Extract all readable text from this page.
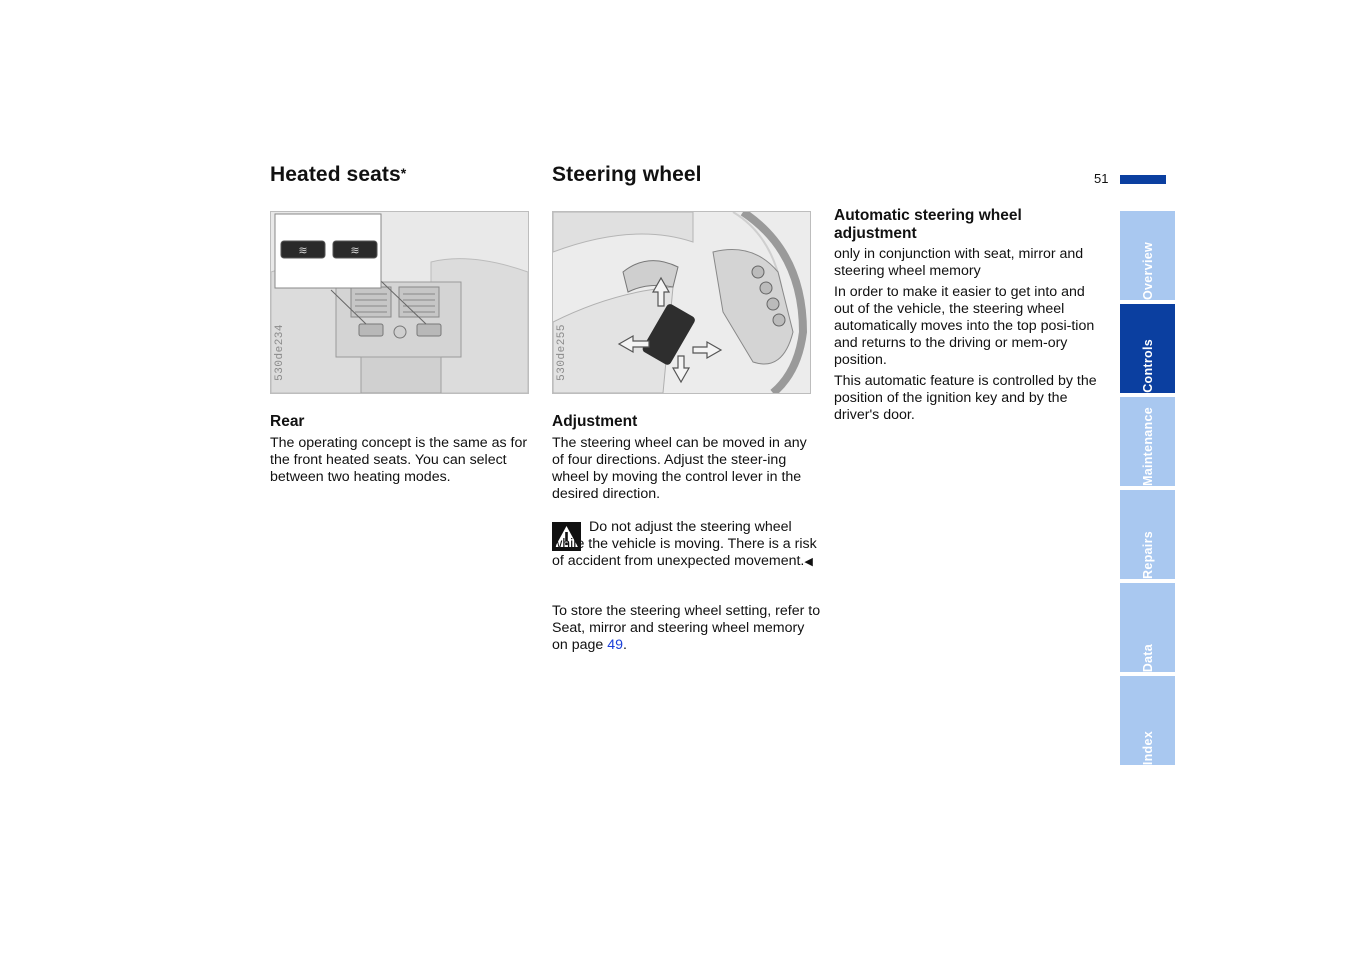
51
Heated seats*
≋	≋
530de234
Rear

The operating concept is the same as for the front heated seats. You can select between two heating modes.

Steering wheel
530de255
Adjustment

The steering wheel can be moved in any of four directions. Adjust the steer-ing wheel by moving the control lever in the desired direction.

Do not adjust the steering wheel while the vehicle is moving. There is a risk of accident from unexpected movement.◀

To store the steering wheel setting, refer to Seat, mirror and steering wheel memory on page 49.

Automatic steering wheel adjustment

only in conjunction with seat, mirror and steering wheel memory

In order to make it easier to get into and out of the vehicle, the steering wheel automatically moves into the top posi-tion and returns to the driving or mem-ory position.

This automatic feature is controlled by the position of the ignition key and by the driver's door.

Overview
Controls
Maintenance
Repairs
Data
Index
